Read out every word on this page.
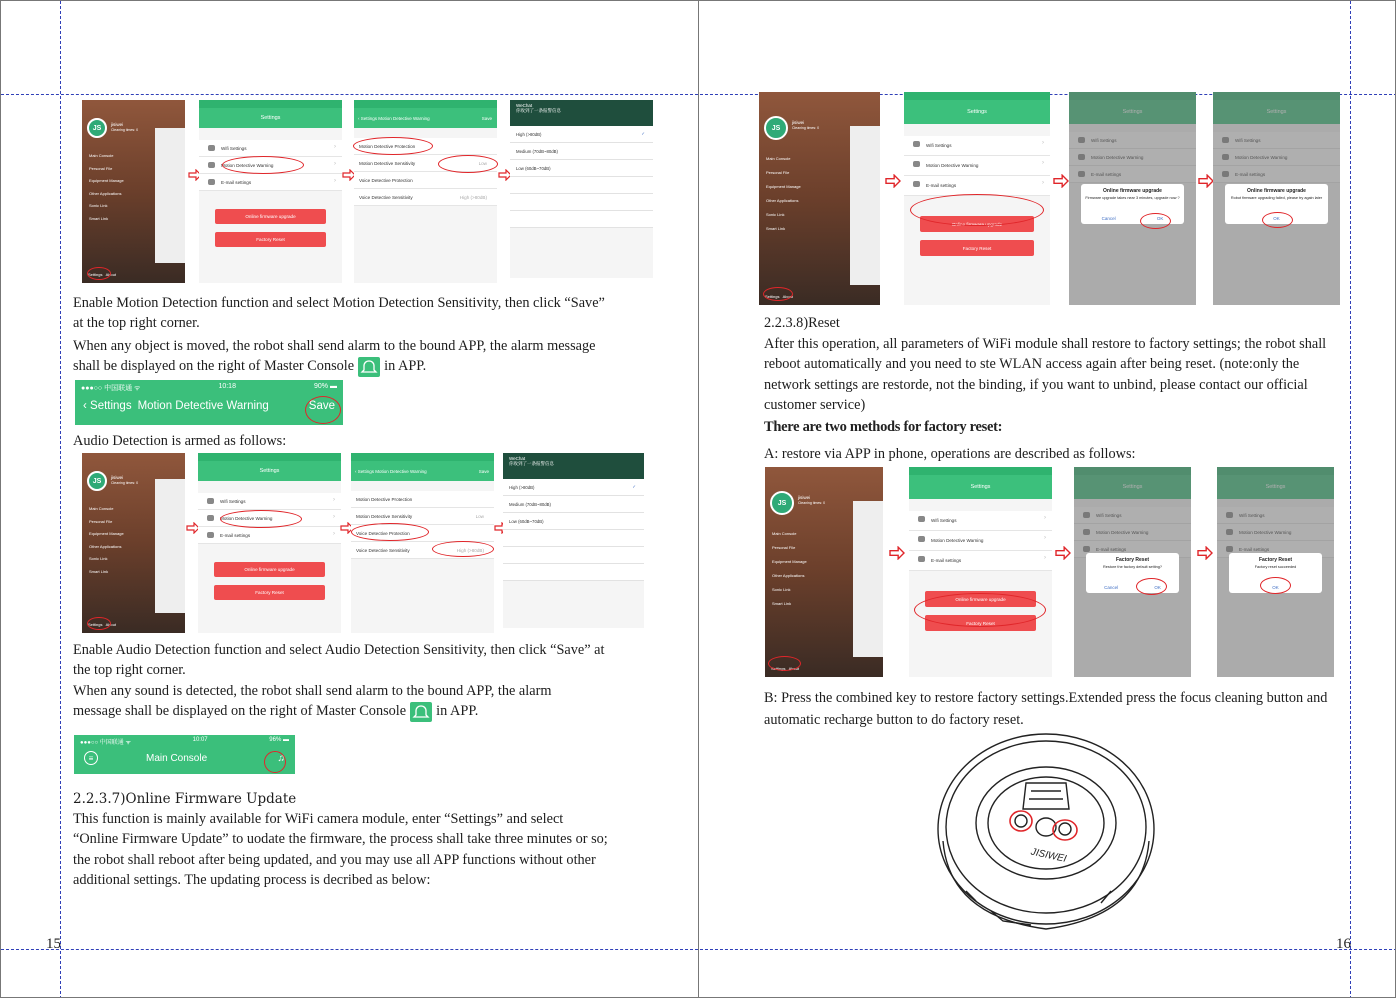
JS	jisiwei
Cleaning times: 0
Main Console
Personal File
Equipment Manage
Other Applications
Sonic Link
Smart Link
Settings About
Settings
Wifi Settings	›
Motion Detective Warning	›
E-mail settings	›
Online firmware upgrade
Factory Reset
‹ Settings Motion Detective Warning	Save
Motion Detective Protection
Motion Detective Sensitivity	Low
Voice Detective Protection
Voice Detective Sensitivity	High (>80dB)
WeChat
你收到了一条报警信息
High (>80dB)	✓
Medium (70dB~80dB)
Low (60dB~70dB)

Enable Motion Detection function and select Motion Detection Sensitivity, then click “Save” at the top right corner.

When any object is moved, the robot shall send alarm to the bound APP, the alarm message shall be displayed on the right of Master Console in APP.
●●●○○ 中国联通 ᯤ	10:18	90% ▬
‹ Settings Motion Detective Warning	Save
Audio Detection is armed as follows:
JS	jisiwei
Cleaning times: 0
Main Console
Personal File
Equipment Manage
Other Applications
Sonic Link
Smart Link
Settings About
Settings
Wifi Settings	›
Motion Detective Warning	›
E-mail settings	›
Online firmware upgrade
Factory Reset
‹ Settings Motion Detective Warning	Save
Motion Detective Protection
Motion Detective Sensitivity	Low
Voice Detective Protection
Voice Detective Sensitivity	High (>80dB)
WeChat
你收到了一条报警信息
High (>80dB)	✓
Medium (70dB~80dB)
Low (60dB~70dB)

Enable Audio Detection function and select Audio Detection Sensitivity, then click “Save” at the top right corner.

When any sound is detected, the robot shall send alarm to the bound APP, the alarm message shall be displayed on the right of Master Console in APP.
●●●○○ 中国联通 ᯤ	10:07	96% ▬
≡	Main Console	♫
2.2.3.7)Online Firmware Update

This function is mainly available for WiFi camera module, enter “Settings” and select “Online Firmware Update” to uodate the firmware, the process shall take three minutes or so; the robot shall reboot after being updated, and you may use all APP functions without other additional settings. The updating process is decribed as below:

15
JS
jisiwei
Cleaning times: 0
Main Console
Personal File
Equipment Manage
Other Applications
Sonic Link
Smart Link
Settings About
Settings
Wifi Settings	›
Motion Detective Warning	›
E-mail settings	›
Online firmware upgrade
Factory Reset
Online firmware upgrade
Firmware upgrade takes near 3 minutes, upgrade now ?
Cancel	OK
Online firmware upgrade
Robot firmware upgrading failed, please try again later
OK
2.2.3.8)Reset

After this operation, all parameters of WiFi module shall restore to factory settings; the robot shall reboot automatically and you need to ste WLAN access again after being reset. (note:only the network settings are restorde, not the binding, if you want to unbind, please contact our official customer service)

There are two methods for factory reset:
A: restore via APP in phone, operations are described as follows:
JS
jisiwei
Cleaning times: 0
Main Console
Personal File
Equipment Manage
Other Applications
Sonic Link
Smart Link
Settings About
Settings
Wifi Settings	›
Motion Detective Warning	›
E-mail settings	›
Online firmware upgrade
Factory Reset
Factory Reset
Restore the factory default setting?
Cancel	OK
Factory Reset
Factory reset succeeded
OK

B: Press the combined key to restore factory settings.Extended press the focus cleaning button and automatic recharge button to do factory reset.

JISIWEI
16
